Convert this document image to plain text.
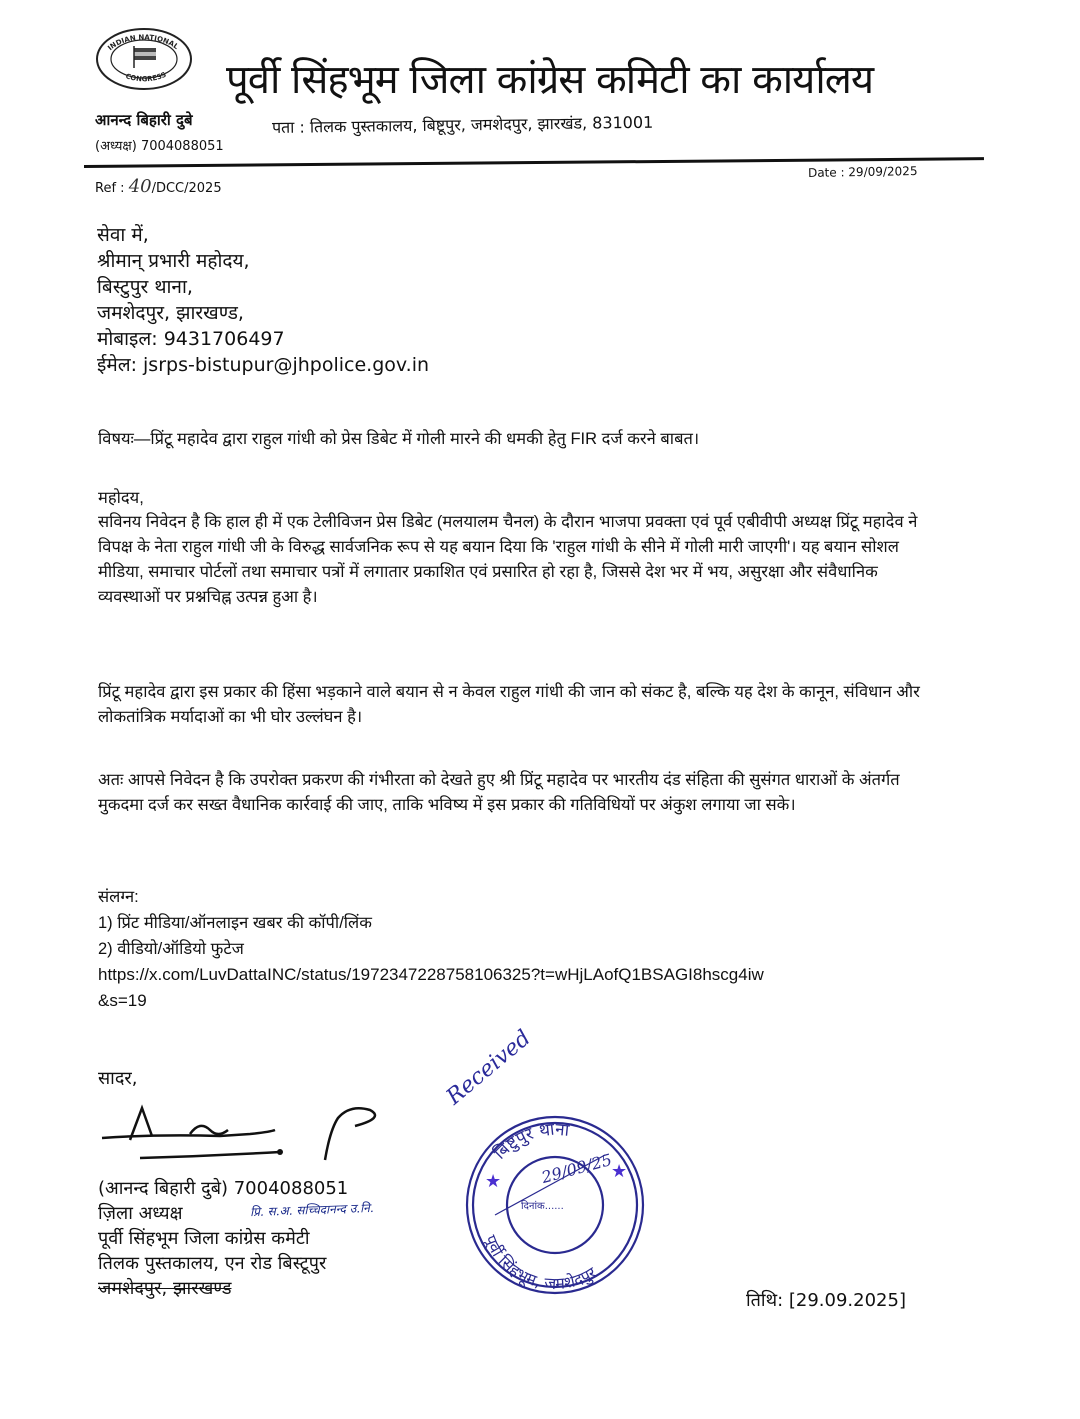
INDIAN NATIONAL
CONGRESS पूर्वी सिंहभूम जिला कांग्रेस कमिटी का कार्यालय
आनन्द बिहारी दुबे
(अध्यक्ष) 7004088051
पता : तिलक पुस्तकालय, बिष्टूपुर, जमशेदपुर, झारखंड, 831001
Ref : 40/DCC/2025
Date : 29/09/2025
सेवा में,
श्रीमान् प्रभारी महोदय,
बिस्टुपुर थाना,
जमशेदपुर, झारखण्ड,
मोबाइल: 9431706497
ईमेल: jsrps-bistupur@jhpolice.gov.in
विषयः—प्रिंटू महादेव द्वारा राहुल गांधी को प्रेस डिबेट में गोली मारने की धमकी हेतु FIR दर्ज करने बाबत।
महोदय,
सविनय निवेदन है कि हाल ही में एक टेलीविजन प्रेस डिबेट (मलयालम चैनल) के दौरान भाजपा प्रवक्ता एवं पूर्व एबीवीपी अध्यक्ष प्रिंटू महादेव ने विपक्ष के नेता राहुल गांधी जी के विरुद्ध सार्वजनिक रूप से यह बयान दिया कि 'राहुल गांधी के सीने में गोली मारी जाएगी'। यह बयान सोशल मीडिया, समाचार पोर्टलों तथा समाचार पत्रों में लगातार प्रकाशित एवं प्रसारित हो रहा है, जिससे देश भर में भय, असुरक्षा और संवैधानिक व्यवस्थाओं पर प्रश्नचिह्न उत्पन्न हुआ है।
प्रिंटू महादेव द्वारा इस प्रकार की हिंसा भड़काने वाले बयान से न केवल राहुल गांधी की जान को संकट है, बल्कि यह देश के कानून, संविधान और लोकतांत्रिक मर्यादाओं का भी घोर उल्लंघन है।
अतः आपसे निवेदन है कि उपरोक्त प्रकरण की गंभीरता को देखते हुए श्री प्रिंटू महादेव पर भारतीय दंड संहिता की सुसंगत धाराओं के अंतर्गत मुकदमा दर्ज कर सख्त वैधानिक कार्रवाई की जाए, ताकि भविष्य में इस प्रकार की गतिविधियों पर अंकुश लगाया जा सके।
संलग्न:
1) प्रिंट मीडिया/ऑनलाइन खबर की कॉपी/लिंक
2) वीडियो/ऑडियो फुटेज
https://x.com/LuvDattaINC/status/1972347228758106325?t=wHjLAofQ1BSAGI8hscg4iw
&s=19
सादर,
(आनन्द बिहारी दुबे) 7004088051
ज़िला अध्यक्ष
पूर्वी सिंहभूम जिला कांग्रेस कमेटी
तिलक पुस्तकालय, एन रोड बिस्टूपुर
जमशेदपुर, झारखण्ड
प्रि. स.अ. सच्चिदानन्द उ.नि.
Received
बिष्टुपुर थाना
पूर्वी सिंहभूम, जमशेदपुर
★	★
29/09/25
दिनांक......
तिथि: [29.09.2025]
